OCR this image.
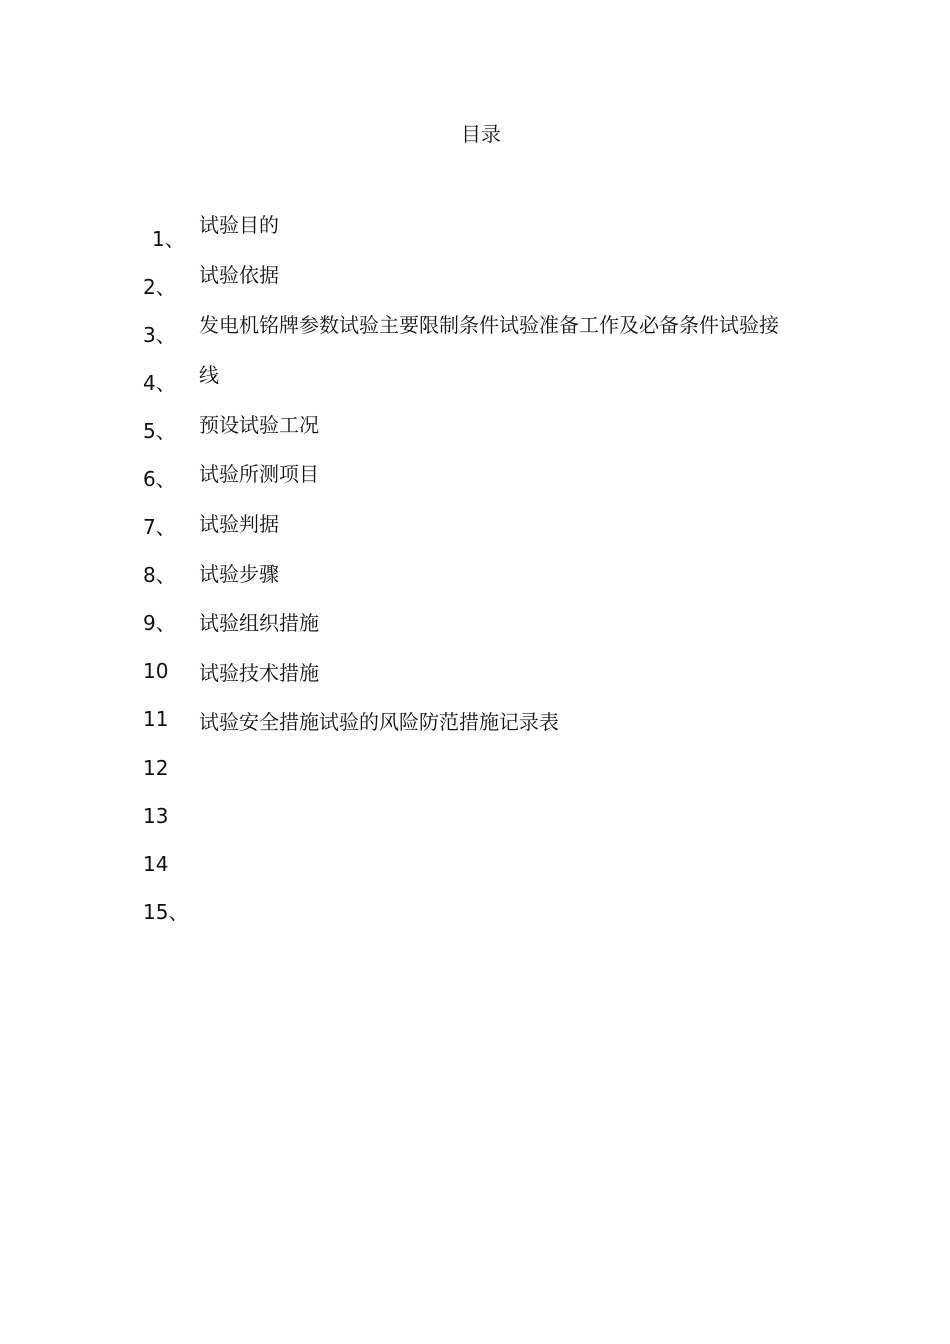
目录
1、
2、
3、
4、
5、
6、
7、
8、
9、
10
11
12
13
14
15、
试验目的
试验依据
发电机铭牌参数试验主要限制条件试验准备工作及必备条件试验接
线
预设试验工况
试验所测项目
试验判据
试验步骤
试验组织措施
试验技术措施
试验安全措施试验的风险防范措施记录表
